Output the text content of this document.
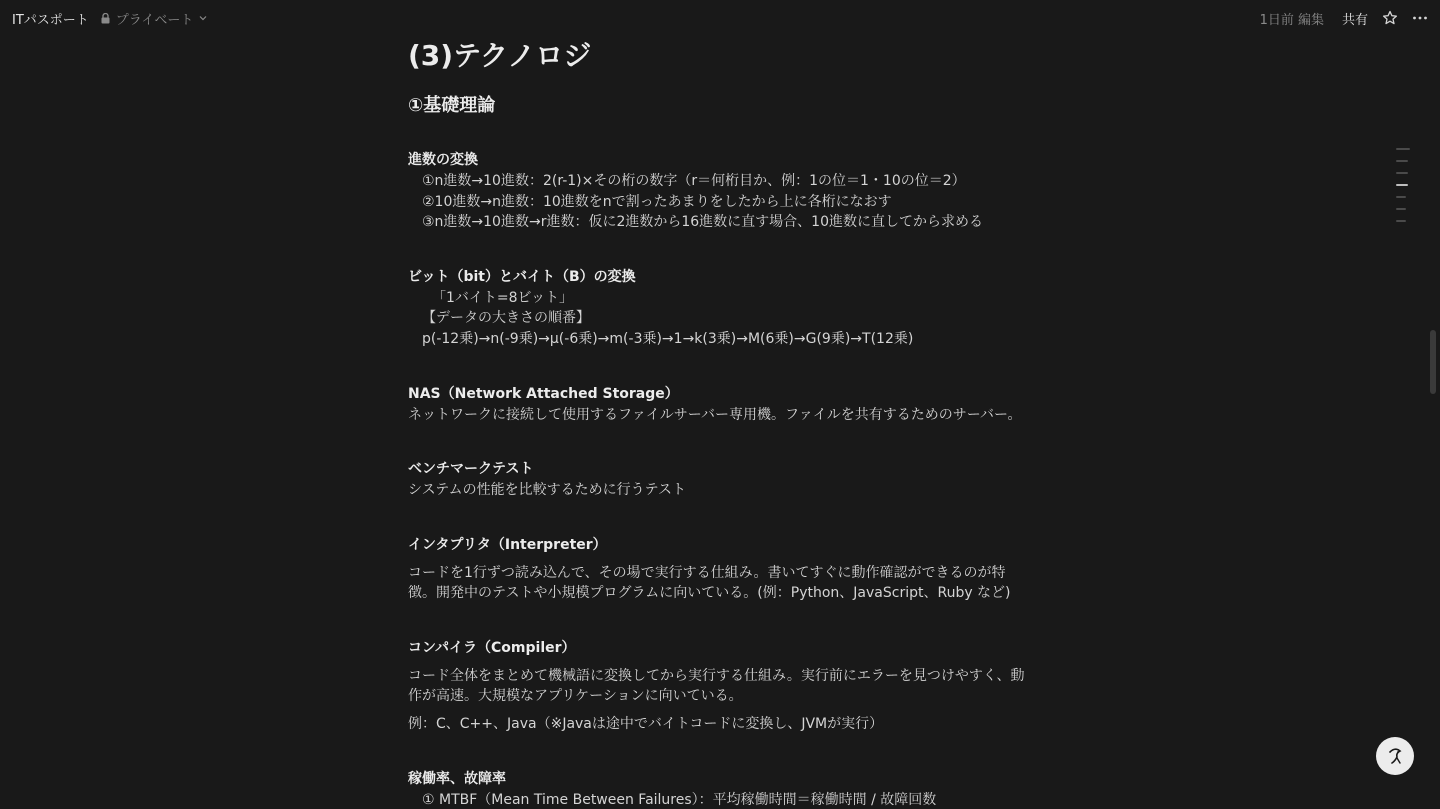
ITパスポート プライベート	1日前 編集 共有
(3)テクノロジ
①基礎理論
進数の変換
①n進数→10進数：2(r-1)×その桁の数字（r＝何桁目か、例：1の位＝1・10の位＝2）
②10進数→n進数：10進数をnで割ったあまりをしたから上に各桁になおす
③n進数→10進数→r進数：仮に2進数から16進数に直す場合、10進数に直してから求める
ビット（bit）とバイト（B）の変換
「1バイト=8ビット」
【データの大きさの順番】
p(-12乗)→n(-9乗)→μ(-6乗)→m(-3乗)→1→k(3乗)→M(6乗)→G(9乗)→T(12乗)
NAS（Network Attached Storage）
ネットワークに接続して使用するファイルサーバー専用機。ファイルを共有するためのサーバー。
ベンチマークテスト
システムの性能を比較するために行うテスト
インタプリタ（Interpreter）
コードを1行ずつ読み込んで、その場で実行する仕組み。書いてすぐに動作確認ができるのが特
徴。開発中のテストや小規模プログラムに向いている。(例：Python、JavaScript、Ruby など)
コンパイラ（Compiler）
コード全体をまとめて機械語に変換してから実行する仕組み。実行前にエラーを見つけやすく、動
作が高速。大規模なアプリケーションに向いている。
例：C、C++、Java（※Javaは途中でバイトコードに変換し、JVMが実行）
稼働率、故障率
① MTBF（Mean Time Between Failures）：平均稼働時間＝稼働時間 / 故障回数
